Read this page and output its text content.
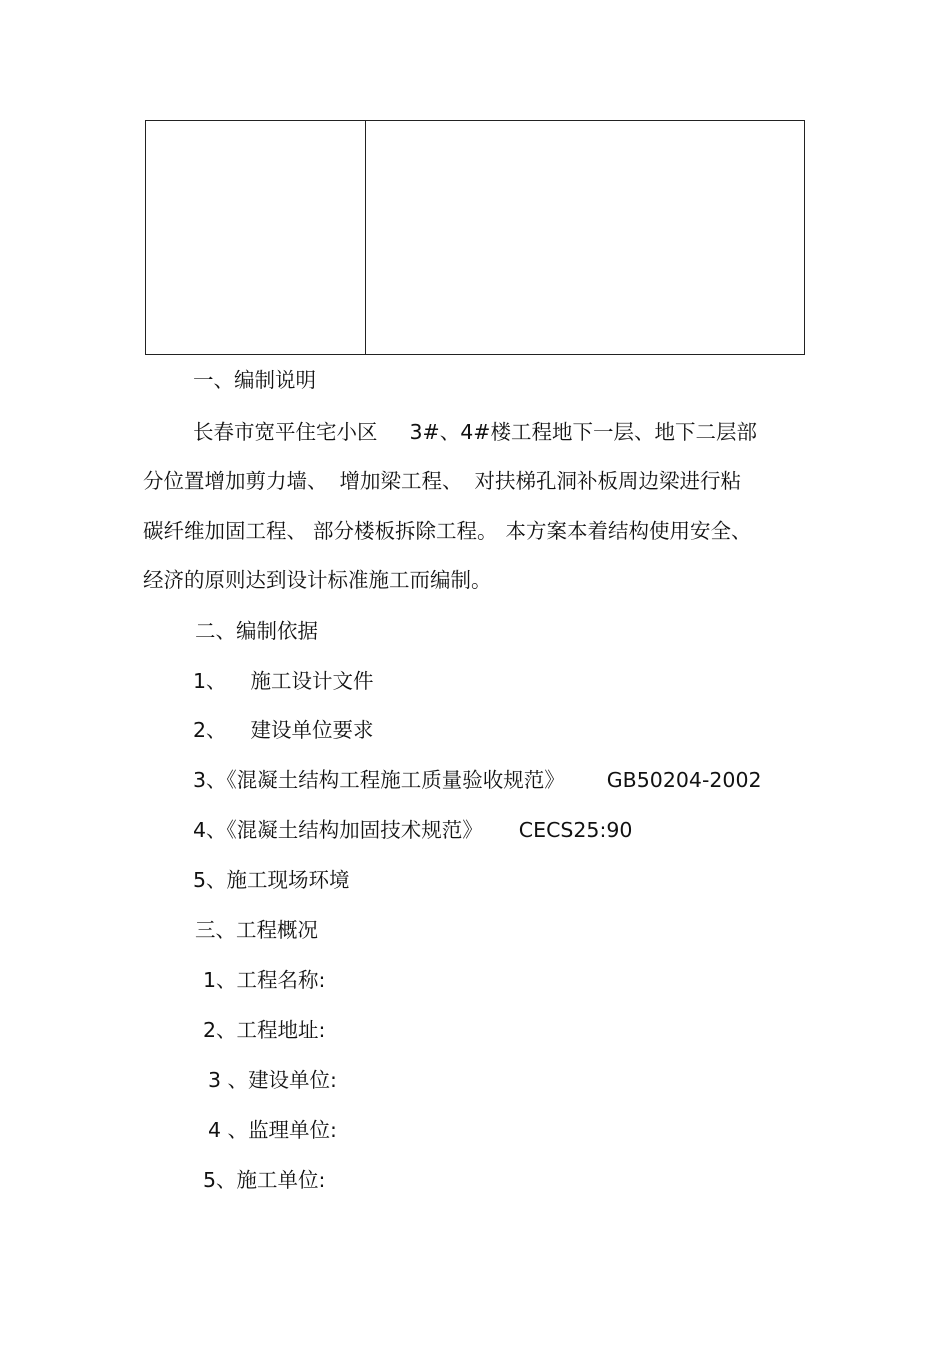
一、编制说明
长春市宽平住宅小区 3#、4#楼工程地下一层、地下二层部
分位置增加剪力墙、 增加梁工程、 对扶梯孔洞补板周边梁进行粘
碳纤维加固工程、 部分楼板拆除工程。 本方案本着结构使用安全、
经济的原则达到设计标准施工而编制。
二、编制依据
1、 施工设计文件
2、 建设单位要求
3、《混凝土结构工程施工质量验收规范》 GB50204-2002
4、《混凝土结构加固技术规范》 CECS25:90
5、施工现场环境
三、工程概况
1、工程名称:
2、工程地址:
3 、建设单位:
4 、监理单位:
5、施工单位:
